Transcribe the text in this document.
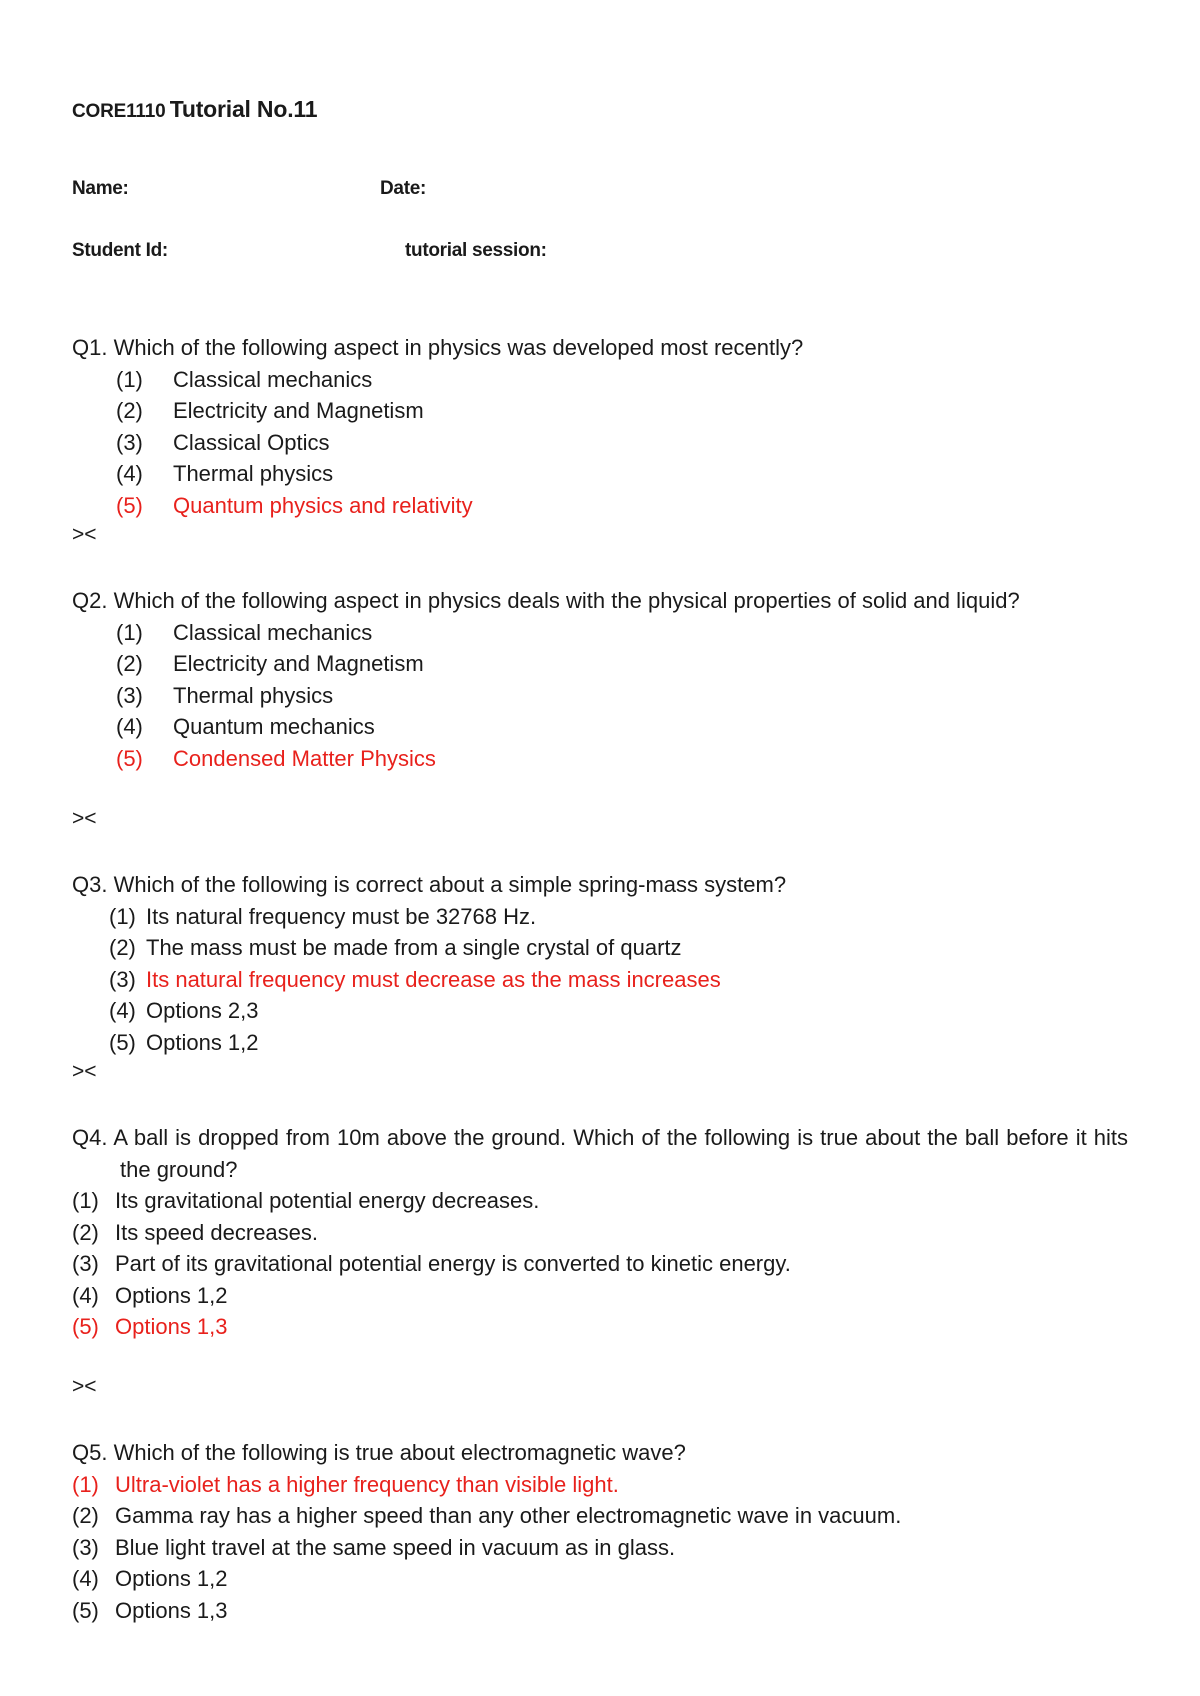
CORE1110 Tutorial No.11
Name:	Date:
Student Id:	tutorial session:
Q1. Which of the following aspect in physics was developed most recently?
(1)	Classical mechanics
(2)	Electricity and Magnetism
(3)	Classical Optics
(4)	Thermal physics
(5)	Quantum physics and relativity
><
Q2. Which of the following aspect in physics deals with the physical properties of solid and liquid?
(1)	Classical mechanics
(2)	Electricity and Magnetism
(3)	Thermal physics
(4)	Quantum mechanics
(5)	Condensed Matter Physics
><
Q3. Which of the following is correct about a simple spring-mass system?
(1) Its natural frequency must be 32768 Hz.
(2) The mass must be made from a single crystal of quartz
(3) Its natural frequency must decrease as the mass increases
(4) Options 2,3
(5) Options 1,2
><
Q4. A ball is dropped from 10m above the ground. Which of the following is true about the ball before it hits the ground?
(1) Its gravitational potential energy decreases.
(2) Its speed decreases.
(3) Part of its gravitational potential energy is converted to kinetic energy.
(4) Options 1,2
(5) Options 1,3
><
Q5. Which of the following is true about electromagnetic wave?
(1) Ultra-violet has a higher frequency than visible light.
(2) Gamma ray has a higher speed than any other electromagnetic wave in vacuum.
(3) Blue light travel at the same speed in vacuum as in glass.
(4) Options 1,2
(5) Options 1,3
